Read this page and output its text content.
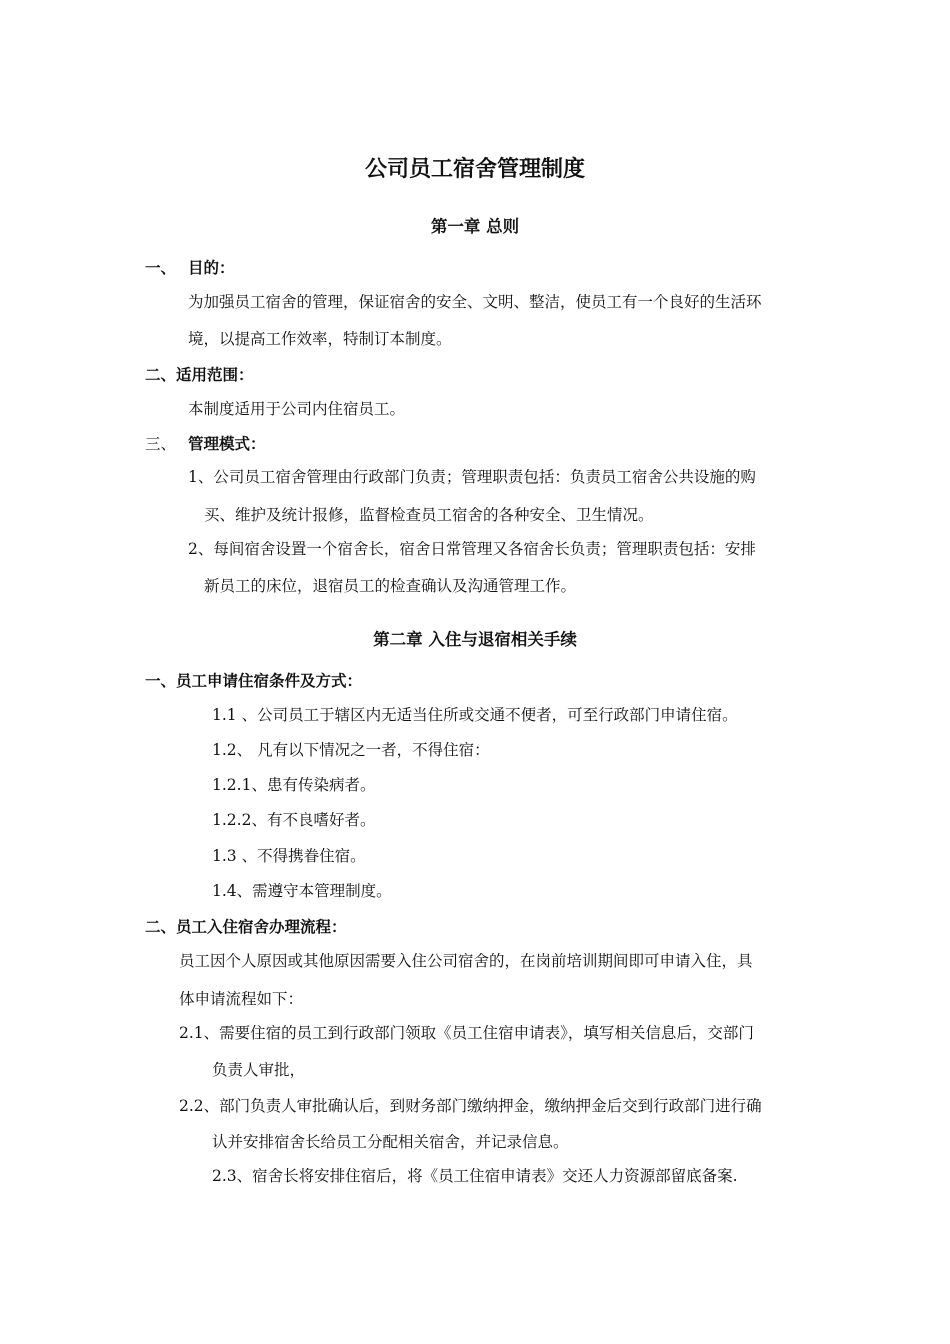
公司员工宿舍管理制度
第一章 总则
一、 目的：
为加强员工宿舍的管理，保证宿舍的安全、文明、整洁，使员工有一个良好的生活环
境，以提高工作效率，特制订本制度。
二、适用范围：
本制度适用于公司内住宿员工。
三、 管理模式：
1、公司员工宿舍管理由行政部门负责；管理职责包括：负责员工宿舍公共设施的购
买、维护及统计报修，监督检查员工宿舍的各种安全、卫生情况。
2、每间宿舍设置一个宿舍长，宿舍日常管理又各宿舍长负责；管理职责包括：安排
新员工的床位，退宿员工的检查确认及沟通管理工作。
第二章 入住与退宿相关手续
一、员工申请住宿条件及方式：
1.1 、公司员工于辖区内无适当住所或交通不便者，可至行政部门申请住宿。
1.2、 凡有以下情况之一者，不得住宿：
1.2.1、患有传染病者。
1.2.2、有不良嗜好者。
1.3 、不得携眷住宿。
1.4、需遵守本管理制度。
二、员工入住宿舍办理流程：
员工因个人原因或其他原因需要入住公司宿舍的，在岗前培训期间即可申请入住，具
体申请流程如下：
2.1、需要住宿的员工到行政部门领取《员工住宿申请表》，填写相关信息后，交部门
负责人审批，
2.2、部门负责人审批确认后，到财务部门缴纳押金，缴纳押金后交到行政部门进行确
认并安排宿舍长给员工分配相关宿舍，并记录信息。
2.3、宿舍长将安排住宿后，将《员工住宿申请表》交还人力资源部留底备案.
